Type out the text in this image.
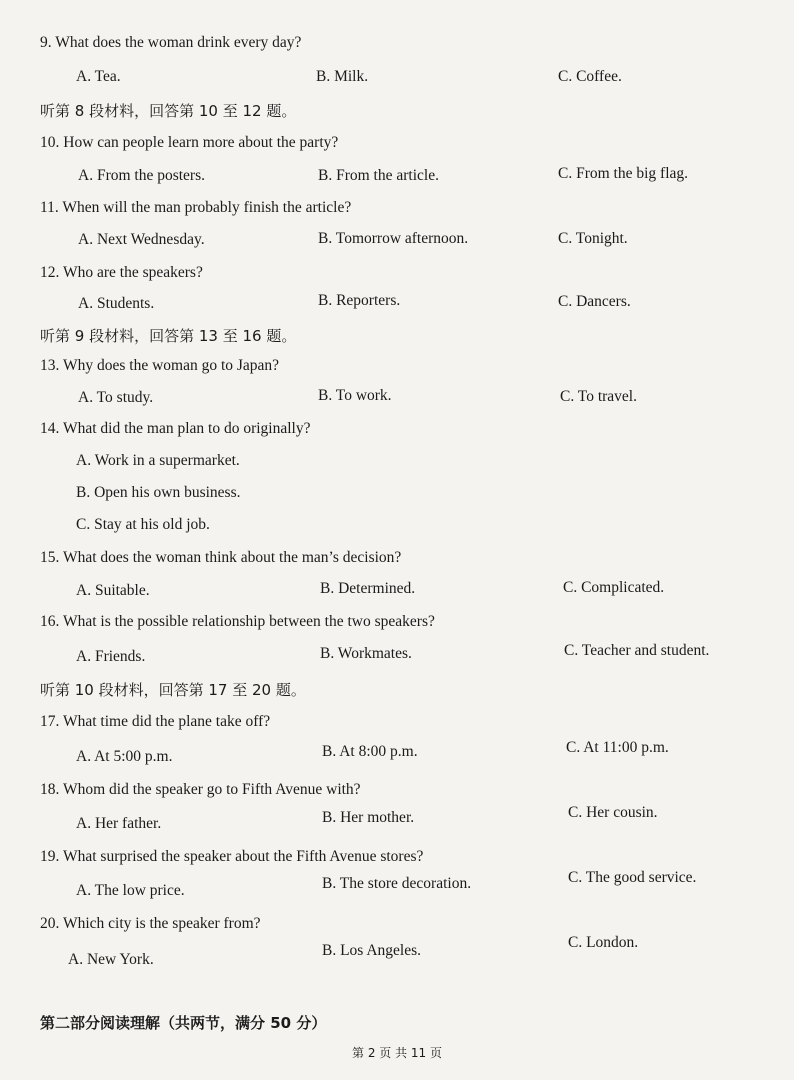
9. What does the woman drink every day?
A. Tea.	B. Milk.	C. Coffee.
听第 8 段材料，回答第 10 至 12 题。
10. How can people learn more about the party?
A. From the posters.	B. From the article.	C. From the big flag.
11. When will the man probably finish the article?
A. Next Wednesday.	B. Tomorrow afternoon.	C. Tonight.
12. Who are the speakers?
A. Students.	B. Reporters.	C. Dancers.
听第 9 段材料，回答第 13 至 16 题。
13. Why does the woman go to Japan?
A. To study.	B. To work.	C. To travel.
14. What did the man plan to do originally?
A. Work in a supermarket.
B. Open his own business.
C. Stay at his old job.
15. What does the woman think about the man’s decision?
A. Suitable.	B. Determined.	C. Complicated.
16. What is the possible relationship between the two speakers?
A. Friends.	B. Workmates.	C. Teacher and student.
听第 10 段材料，回答第 17 至 20 题。
17. What time did the plane take off?
A. At 5:00 p.m.	B. At 8:00 p.m.	C. At 11:00 p.m.
18. Whom did the speaker go to Fifth Avenue with?
A. Her father.	B. Her mother.	C. Her cousin.
19. What surprised the speaker about the Fifth Avenue stores?
A. The low price.	B. The store decoration.	C. The good service.
20. Which city is the speaker from?
A. New York.
B. Los Angeles.	C. London.
第二部分阅读理解（共两节，满分 50 分）
第 2 页 共 11 页
